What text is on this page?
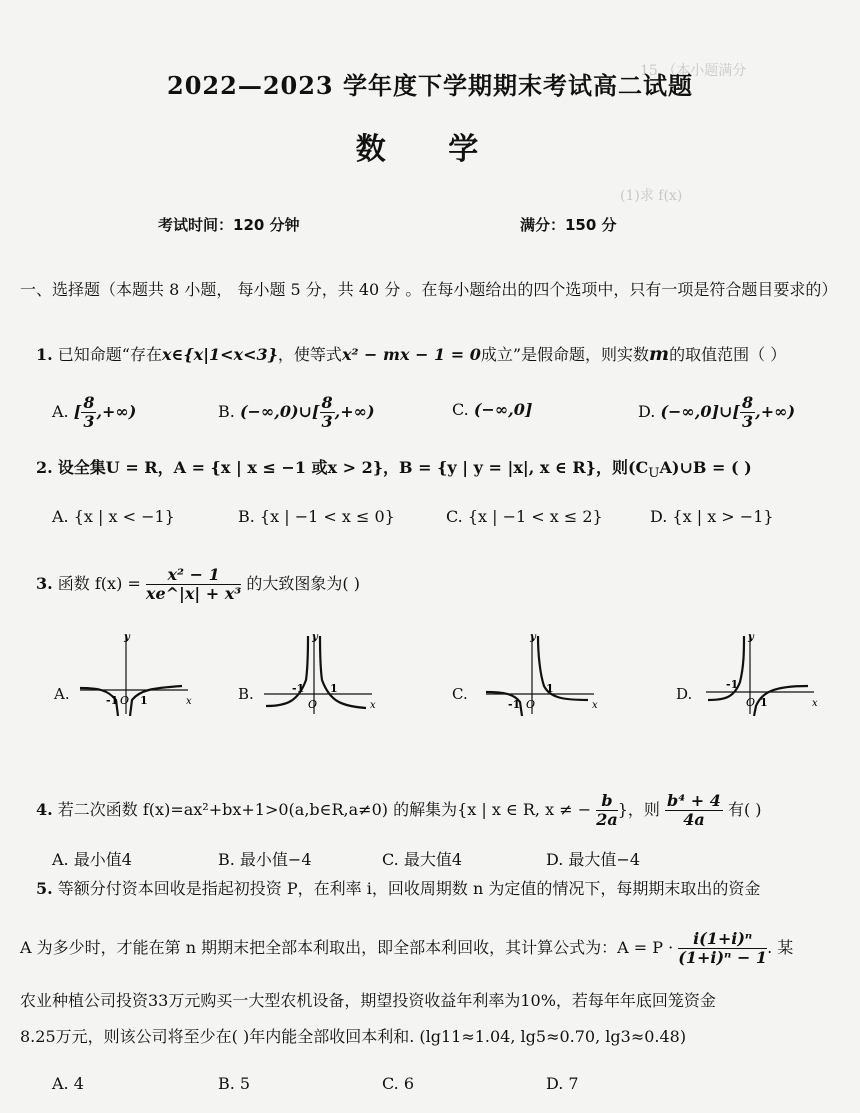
15.（本小题满分
(1)求 f(x)
2022—2023 学年度下学期期末考试高二试题
数 学
考试时间：120 分钟	满分：150 分
一、选择题（本题共 8 小题， 每小题 5 分，共 40 分 。在每小题给出的四个选项中，只有一项是符合题目要求的）
1. 已知命题“存在x∈{x|1<x<3}，使等式x² − mx − 1 = 0成立”是假命题，则实数m的取值范围（ ）
A. [ $\frac{8}{3}$ ,+∞)	B. (−∞,0)∪[ $\frac{8}{3}$ ,+∞)	C. (−∞,0]	D. (−∞,0]∪[ $\frac{8}{3}$ ,+∞)
2. 设全集U = R，A = {x | x ≤ −1 或x > 2}，B = {y | y = |x|, x ∈ R}，则$(C_UA)\cup B$ = ( )
A. {x | x < −1}	B. {x | −1 < x ≤ 0}	C. {x | −1 < x ≤ 2}	D. {x | x > −1}
3. 函数 $f(x) = \frac{\text{x² − 1}}{\text{xe\textasciicircum{}|x| + x³}}$ 的大致图象为( )
A.	B.	C.	D.
y
x
-1 O 1
y
x
-1
O
1
y
x
-1 O
1
y
x
-1
O 1
4. 若二次函数 f(x)=ax²+bx+1>0(a,b∈R,a≠0) 的解集为{x | x ∈ R, x ≠ − $\frac{b}{2a}$ }，则 $\frac{\text{b⁴ + 4}}{4a}$ 有( )
A. 最小值4	B. 最小值−4	C. 最大值4	D. 最大值−4
5. 等额分付资本回收是指起初投资 P，在利率 i，回收周期数 n 为定值的情况下，每期期末取出的资金
A 为多少时，才能在第 n 期期末把全部本利取出，即全部本利回收，其计算公式为：$A = P \cdot \frac{\text{i(1+i)ⁿ}}{\text{(1+i)ⁿ − 1}}$ . 某
农业种植公司投资33万元购买一大型农机设备，期望投资收益年利率为10%，若每年年底回笼资金
8.25万元，则该公司将至少在( )年内能全部收回本利和. (lg11≈1.04, lg5≈0.70, lg3≈0.48)
A. 4	B. 5	C. 6	D. 7
